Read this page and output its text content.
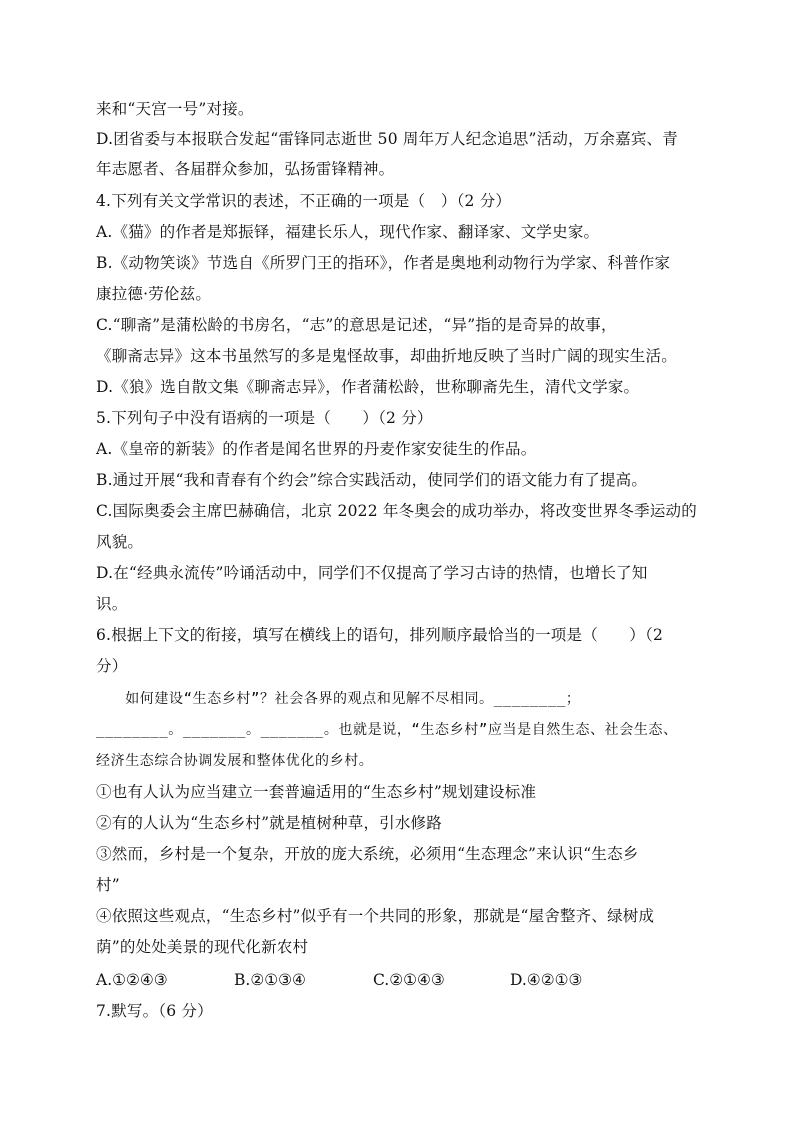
来和“天宫一号”对接。
D.团省委与本报联合发起“雷锋同志逝世 50 周年万人纪念追思”活动，万余嘉宾、青
年志愿者、各届群众参加，弘扬雷锋精神。
4.下列有关文学常识的表述，不正确的一项是（　）（2 分）
A.《猫》的作者是郑振铎，福建长乐人，现代作家、翻译家、文学史家。
B.《动物笑谈》节选自《所罗门王的指环》，作者是奥地利动物行为学家、科普作家
康拉德·劳伦兹。
C.“聊斋”是蒲松龄的书房名，“志”的意思是记述，“异”指的是奇异的故事，
《聊斋志异》这本书虽然写的多是鬼怪故事，却曲折地反映了当时广阔的现实生活。
D.《狼》选自散文集《聊斋志异》，作者蒲松龄，世称聊斋先生，清代文学家。
5.下列句子中没有语病的一项是（　　）（2 分）
A.《皇帝的新装》的作者是闻名世界的丹麦作家安徒生的作品。
B.通过开展“我和青春有个约会”综合实践活动，使同学们的语文能力有了提高。
C.国际奥委会主席巴赫确信，北京 2022 年冬奥会的成功举办，将改变世界冬季运动的
风貌。
D.在“经典永流传”吟诵活动中，同学们不仅提高了学习古诗的热情，也增长了知
识。
6.根据上下文的衔接，填写在横线上的语句，排列顺序最恰当的一项是（　　）（2
分）
　　如何建设“生态乡村”？社会各界的观点和见解不尽相同。________；
________。_______。_______。也就是说，“生态乡村”应当是自然生态、社会生态、
经济生态综合协调发展和整体优化的乡村。
①也有人认为应当建立一套普遍适用的“生态乡村”规划建设标准
②有的人认为“生态乡村”就是植树种草，引水修路
③然而，乡村是一个复杂，开放的庞大系统，必须用“生态理念”来认识“生态乡
村”
④依照这些观点，“生态乡村”似乎有一个共同的形象，那就是“屋舍整齐、绿树成
荫”的处处美景的现代化新农村
A.①②④③	B.②①③④	C.②①④③	D.④②①③
7.默写。（6 分）
